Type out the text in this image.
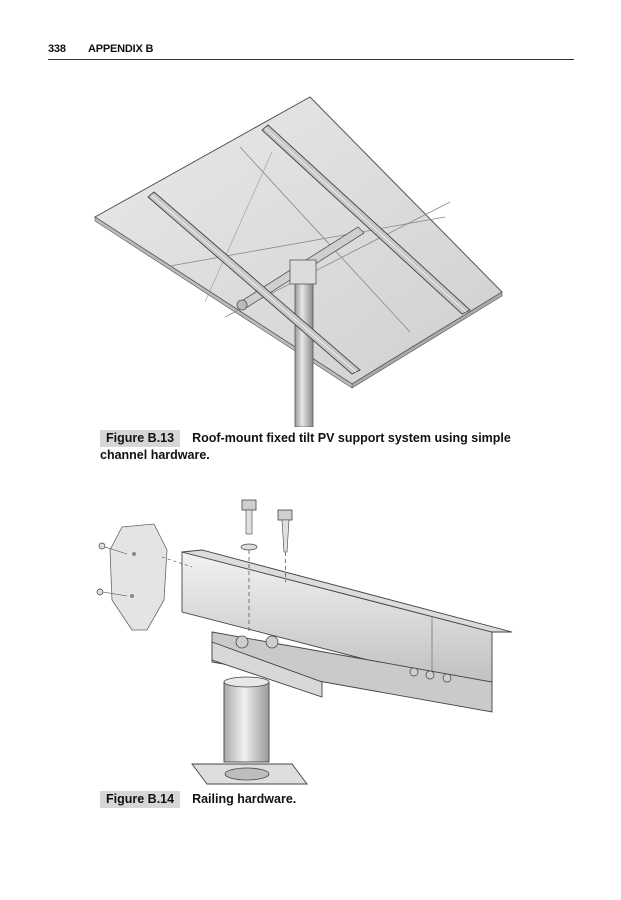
338 APPENDIX B
Figure B.13 Roof-mount fixed tilt PV support system using simple channel hardware.
Figure B.14 Railing hardware.
